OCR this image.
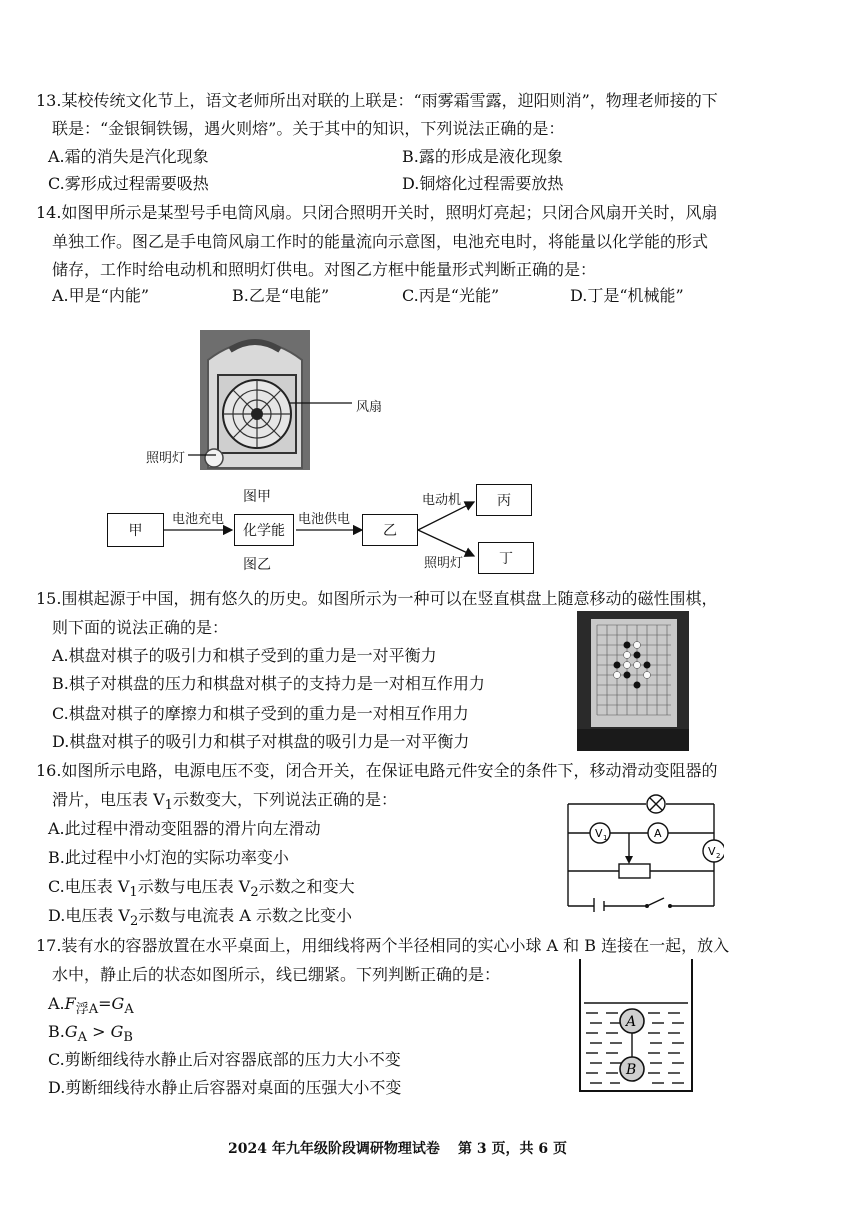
13.某校传统文化节上，语文老师所出对联的上联是：“雨雾霜雪露，迎阳则消”，物理老师接的下
联是：“金银铜铁锡，遇火则熔”。关于其中的知识，下列说法正确的是：
A.霜的消失是汽化现象	B.露的形成是液化现象
C.雾形成过程需要吸热	D.铜熔化过程需要放热
14.如图甲所示是某型号手电筒风扇。只闭合照明开关时，照明灯亮起；只闭合风扇开关时，风扇
单独工作。图乙是手电筒风扇工作时的能量流向示意图，电池充电时，将能量以化学能的形式
储存，工作时给电动机和照明灯供电。对图乙方框中能量形式判断正确的是：
A.甲是“内能”	B.乙是“电能”	C.丙是“光能”	D.丁是“机械能”
风扇
照明灯
图甲
甲
电池充电
化学能
电池供电
乙
电动机	丙
照明灯	丁
图乙
15.围棋起源于中国，拥有悠久的历史。如图所示为一种可以在竖直棋盘上随意移动的磁性围棋，
则下面的说法正确的是：
A.棋盘对棋子的吸引力和棋子受到的重力是一对平衡力
B.棋子对棋盘的压力和棋盘对棋子的支持力是一对相互作用力
C.棋盘对棋子的摩擦力和棋子受到的重力是一对相互作用力
D.棋盘对棋子的吸引力和棋子对棋盘的吸引力是一对平衡力
16.如图所示电路，电源电压不变，闭合开关，在保证电路元件安全的条件下，移动滑动变阻器的
滑片，电压表 $V_1$示数变大，下列说法正确的是：
A.此过程中滑动变阻器的滑片向左滑动
B.此过程中小灯泡的实际功率变小
C.电压表 $V_1$示数与电压表 $V_2$示数之和变大
D.电压表 $V_2$示数与电流表 A 示数之比变小
V 1	A
V 2
17.装有水的容器放置在水平桌面上，用细线将两个半径相同的实心小球 A 和 B 连接在一起，放入
水中，静止后的状态如图所示，线已绷紧。下列判断正确的是：
$A.F_{浮A}=G_A$
$B.G_A > G_B$
C.剪断细线待水静止后对容器底部的压力大小不变
D.剪断细线待水静止后容器对桌面的压强大小不变
A
B
2024 年九年级阶段调研物理试卷 第 3 页，共 6 页
